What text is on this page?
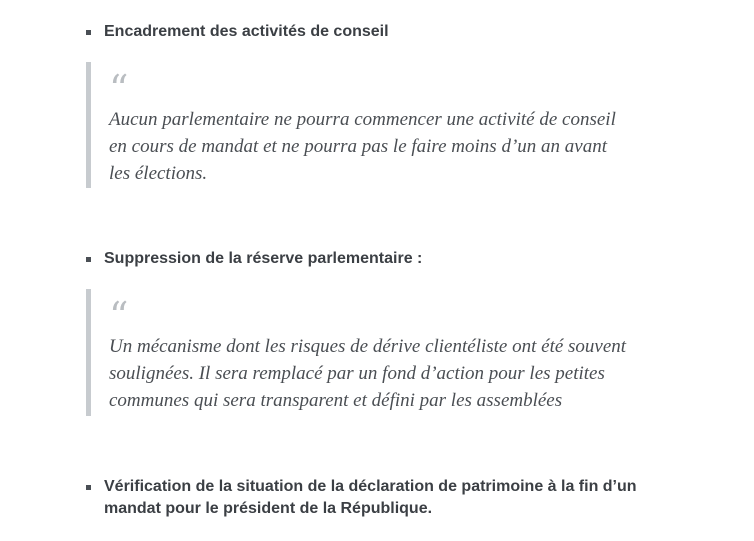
Encadrement des activités de conseil
“
Aucun parlementaire ne pourra commencer une activité de conseil
en cours de mandat et ne pourra pas le faire moins d’un an avant
les élections.
Suppression de la réserve parlementaire :
“
Un mécanisme dont les risques de dérive clientéliste ont été souvent
soulignées. Il sera remplacé par un fond d’action pour les petites
communes qui sera transparent et défini par les assemblées
Vérification de la situation de la déclaration de patrimoine à la fin d’un
mandat pour le président de la République.
